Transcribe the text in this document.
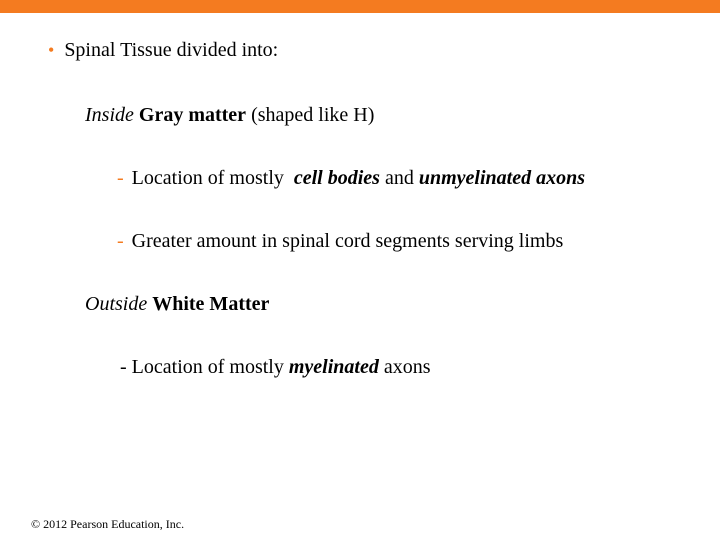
• Spinal Tissue divided into:
Inside Gray matter (shaped like H)
- Location of mostly cell bodies and unmyelinated axons
- Greater amount in spinal cord segments serving limbs
Outside White Matter
- Location of mostly myelinated axons
© 2012 Pearson Education, Inc.
